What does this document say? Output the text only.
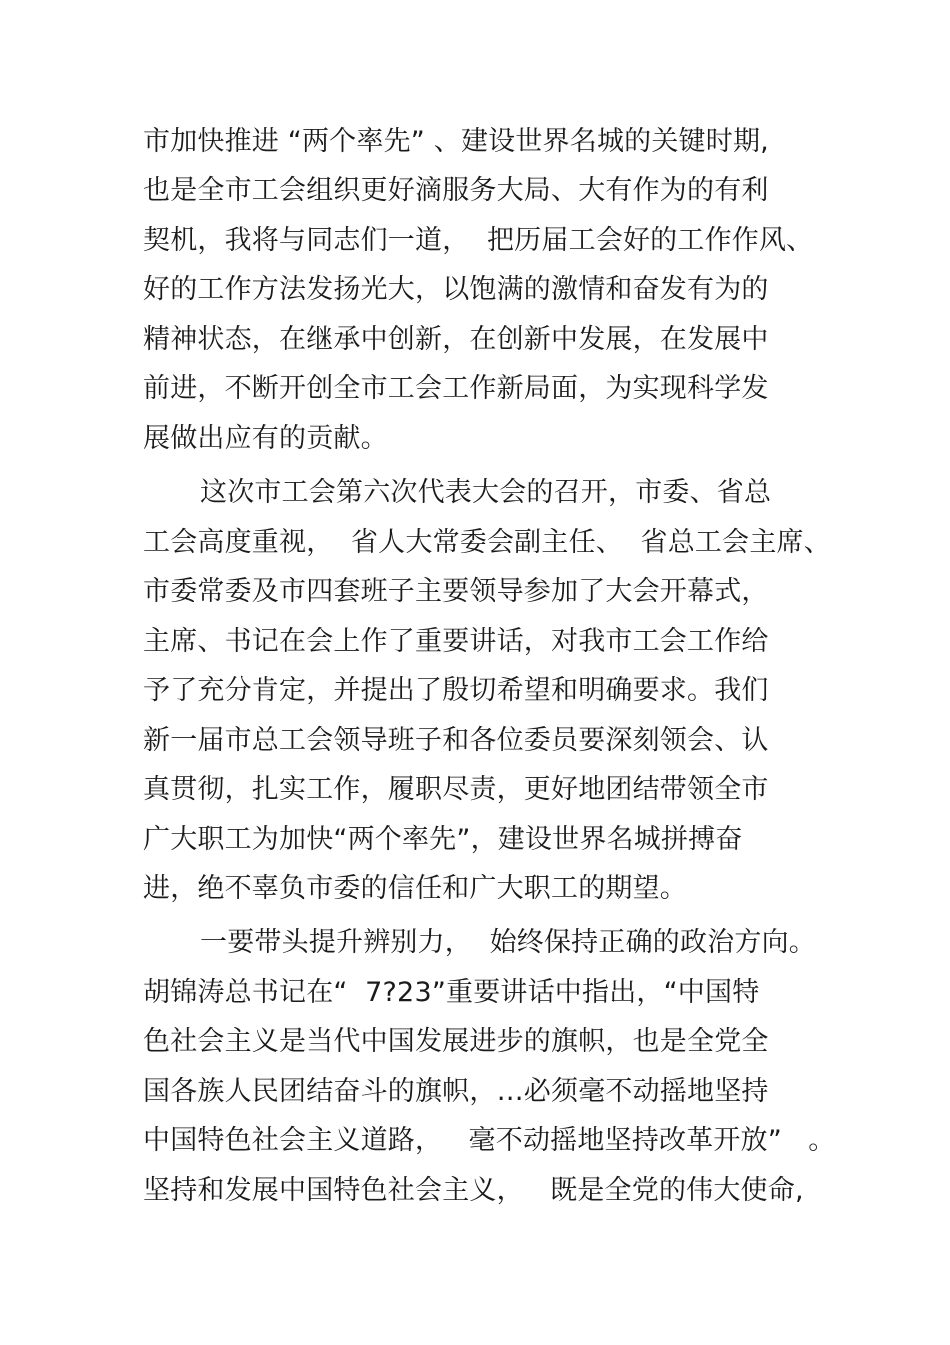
市加快推进 “两个率先” 、建设世界名城的关键时期,
也是全市工会组织更好滴服务大局、大有作为的有利
契机，我将与同志们一道，  把历届工会好的工作作风、
好的工作方法发扬光大，以饱满的激情和奋发有为的
精神状态，在继承中创新，在创新中发展，在发展中
前进，不断开创全市工会工作新局面，为实现科学发
展做出应有的贡献。
这次市工会第六次代表大会的召开，市委、省总
工会高度重视，  省人大常委会副主任、  省总工会主席、
市委常委及市四套班子主要领导参加了大会开幕式，
主席、书记在会上作了重要讲话，对我市工会工作给
予了充分肯定，并提出了殷切希望和明确要求。我们
新一届市总工会领导班子和各位委员要深刻领会、认
真贯彻，扎实工作，履职尽责，更好地团结带领全市
广大职工为加快“两个率先”，建设世界名城拼搏奋
进，绝不辜负市委的信任和广大职工的期望。
一要带头提升辨别力，  始终保持正确的政治方向。
胡锦涛总书记在“  7?23”重要讲话中指出，“中国特
色社会主义是当代中国发展进步的旗帜，也是全党全
国各族人民团结奋斗的旗帜，…必须毫不动摇地坚持
中国特色社会主义道路，   毫不动摇地坚持改革开放”   。
坚持和发展中国特色社会主义，   既是全党的伟大使命,
